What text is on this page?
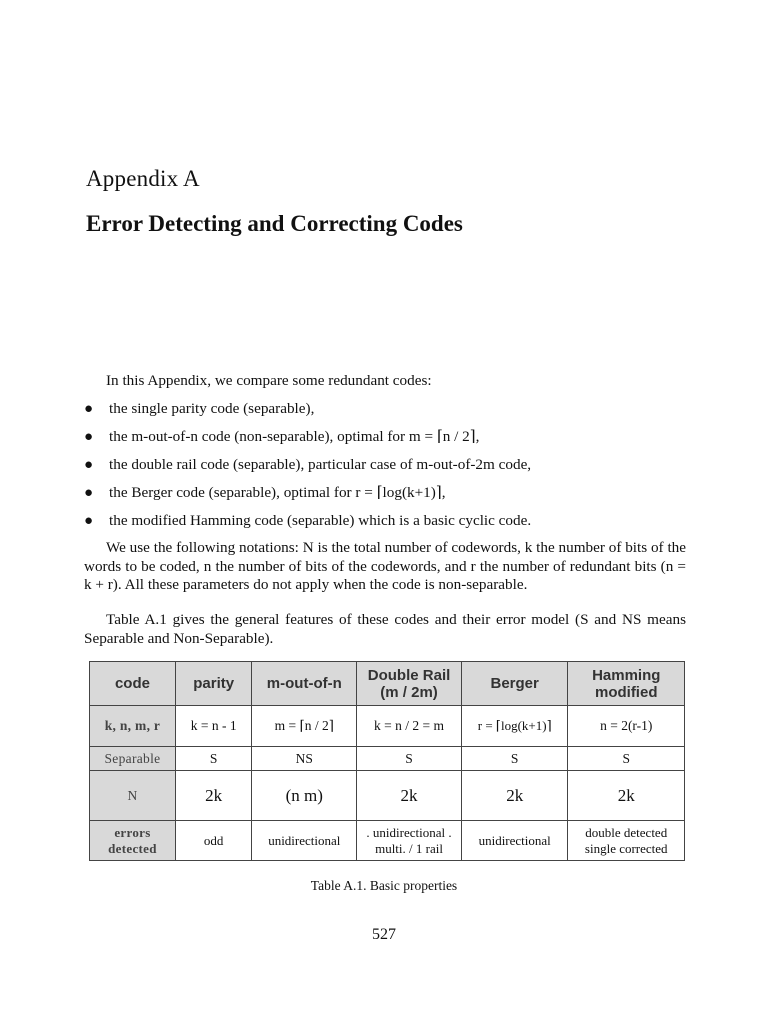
Appendix A
Error Detecting and Correcting Codes
In this Appendix, we compare some redundant codes:
● the single parity code (separable),
● the m-out-of-n code (non-separable), optimal for m = ⌈n / 2⌉,
● the double rail code (separable), particular case of m-out-of-2m code,
● the Berger code (separable), optimal for r = ⌈log(k+1)⌉,
● the modified Hamming code (separable) which is a basic cyclic code.
We use the following notations: N is the total number of codewords, k the number of bits of the words to be coded, n the number of bits of the codewords, and r the number of redundant bits (n = k + r). All these parameters do not apply when the code is non-separable.
Table A.1 gives the general features of these codes and their error model (S and NS means Separable and Non-Separable).
code	parity	m-out-of-n	Double Rail (m / 2m)	Berger	Hamming modified
k, n, m, r	k = n - 1	m = ⌈n / 2⌉	k = n / 2 = m	r = ⌈log(k+1)⌉	n = 2(r-1)
Separable	S	NS	S	S	S
N	2k	(n m)	2k	2k	2k
errors detected	odd	unidirectional	. unidirectional . multi. / 1 rail	unidirectional	double detected single corrected
Table A.1. Basic properties
527
